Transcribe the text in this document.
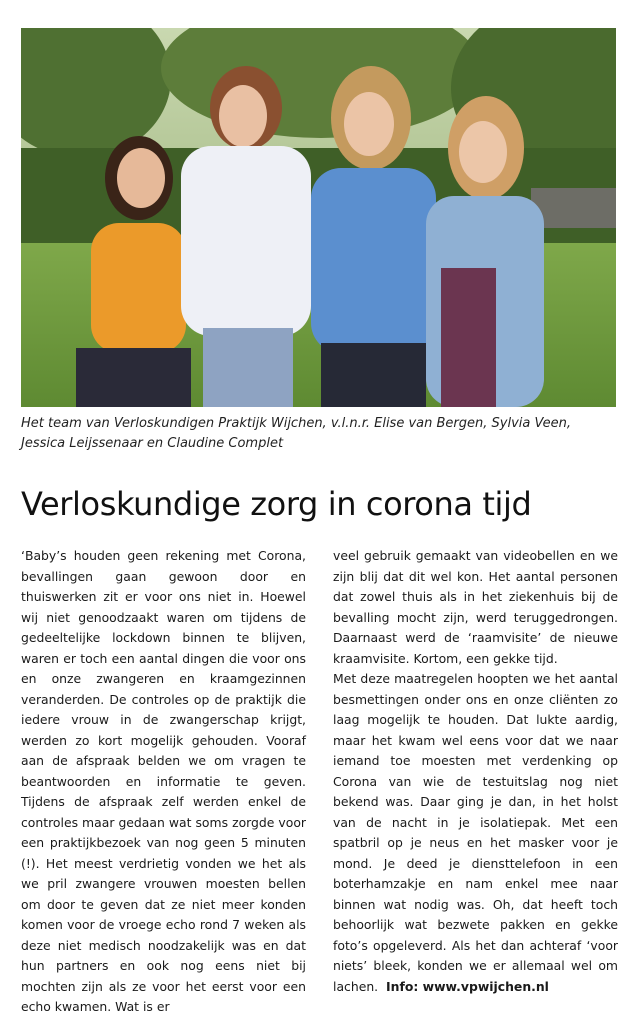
Het team van Verloskundigen Praktijk Wijchen, v.l.n.r. Elise van Bergen, Sylvia Veen,

Jessica Leijssenaar en Claudine Complet

Verloskundige zorg in corona tijd

‘Baby’s houden geen rekening met Corona, bevallingen gaan gewoon door en thuiswerken zit er voor ons niet in. Hoewel wij niet genoodzaakt waren om tijdens de gedeeltelijke lockdown binnen te blijven, waren er toch een aantal dingen die voor ons en onze zwangeren en kraamgezinnen veranderden. De controles op de praktijk die iedere vrouw in de zwangerschap krijgt, werden zo kort mogelijk gehouden. Vooraf aan de afspraak belden we om vragen te beantwoorden en informatie te geven. Tijdens de afspraak zelf werden enkel de controles maar gedaan wat soms zorgde voor een praktijkbezoek van nog geen 5 minuten (!). Het meest verdrietig vonden we het als we pril zwangere vrouwen moesten bellen om door te geven dat ze niet meer konden komen voor de vroege echo rond 7 weken als deze niet medisch noodzakelijk was en dat hun partners en ook nog eens niet bij mochten zijn als ze voor het eerst voor een echo kwamen. Wat is er

veel gebruik gemaakt van videobellen en we zijn blij dat dit wel kon. Het aantal personen dat zowel thuis als in het ziekenhuis bij de bevalling mocht zijn, werd teruggedrongen. Daarnaast werd de ‘raamvisite’ de nieuwe kraamvisite. Kortom, een gekke tijd.

Met deze maatregelen hoopten we het aantal besmettingen onder ons en onze cliënten zo laag mogelijk te houden. Dat lukte aardig, maar het kwam wel eens voor dat we naar iemand toe moesten met verdenking op Corona van wie de testuitslag nog niet bekend was. Daar ging je dan, in het holst van de nacht in je isolatiepak. Met een spatbril op je neus en het masker voor je mond. Je deed je diensttelefoon in een boterhamzakje en nam enkel mee naar binnen wat nodig was. Oh, dat heeft toch behoorlijk wat bezwete pakken en gekke foto’s opgeleverd. Als het dan achteraf ‘voor niets’ bleek, konden we er allemaal wel om lachen. Info: www.vpwijchen.nl
